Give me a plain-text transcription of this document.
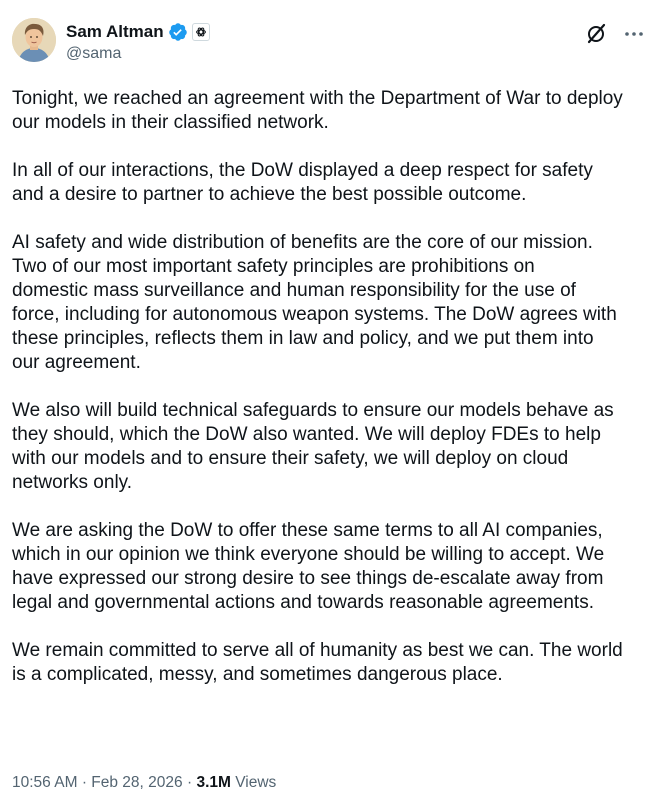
Sam Altman
@sama

Tonight, we reached an agreement with the Department of War to deploy
our models in their classified network.

In all of our interactions, the DoW displayed a deep respect for safety
and a desire to partner to achieve the best possible outcome.

AI safety and wide distribution of benefits are the core of our mission.
Two of our most important safety principles are prohibitions on
domestic mass surveillance and human responsibility for the use of
force, including for autonomous weapon systems. The DoW agrees with
these principles, reflects them in law and policy, and we put them into
our agreement.

We also will build technical safeguards to ensure our models behave as
they should, which the DoW also wanted. We will deploy FDEs to help
with our models and to ensure their safety, we will deploy on cloud
networks only.

We are asking the DoW to offer these same terms to all AI companies,
which in our opinion we think everyone should be willing to accept. We
have expressed our strong desire to see things de-escalate away from
legal and governmental actions and towards reasonable agreements.

We remain committed to serve all of humanity as best we can. The world
is a complicated, messy, and sometimes dangerous place.

10:56 AM · Feb 28, 2026 · 3.1M Views
